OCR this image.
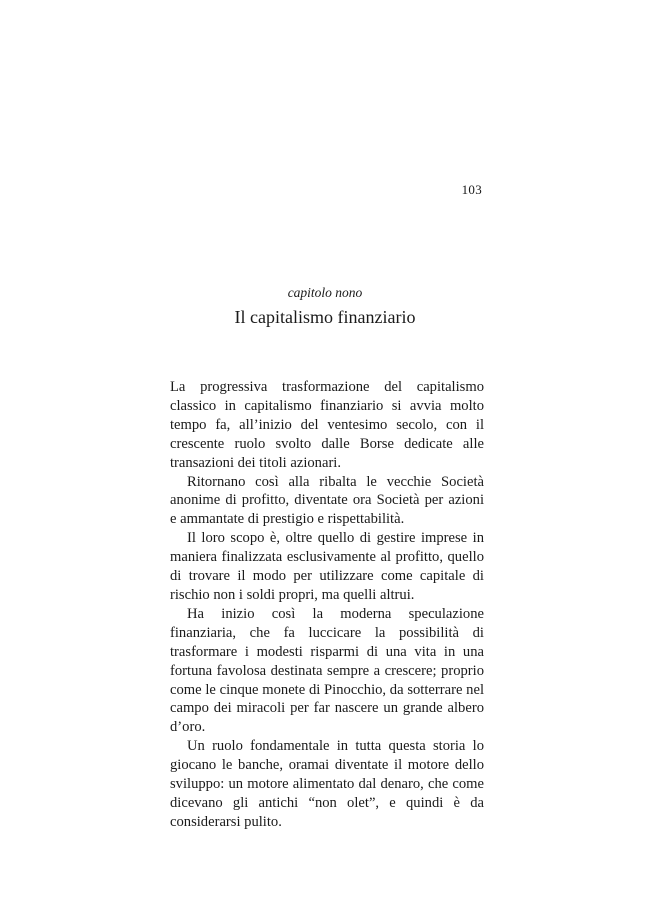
103
capitolo nono
Il capitalismo finanziario

La progressiva trasformazione del capitalismo classico in capitalismo finanziario si avvia molto tempo fa, all’inizio del ventesimo secolo, con il crescente ruolo svolto dalle Borse dedicate alle transazioni dei titoli azionari.

Ritornano così alla ribalta le vecchie Società anonime di profitto, diventate ora Società per azioni e ammantate di prestigio e rispettabilità.

Il loro scopo è, oltre quello di gestire imprese in maniera finalizzata esclusivamente al profitto, quello di trovare il modo per utilizzare come capitale di rischio non i soldi propri, ma quelli altrui.

Ha inizio così la moderna speculazione finanziaria, che fa luccicare la possibilità di trasformare i modesti risparmi di una vita in una fortuna favolosa destinata sempre a crescere; proprio come le cinque monete di Pinocchio, da sotterrare nel campo dei miracoli per far nascere un grande albero d’oro.

Un ruolo fondamentale in tutta questa storia lo giocano le banche, oramai diventate il motore dello sviluppo: un motore alimentato dal denaro, che come dicevano gli antichi “non olet”, e quindi è da considerarsi pulito.
